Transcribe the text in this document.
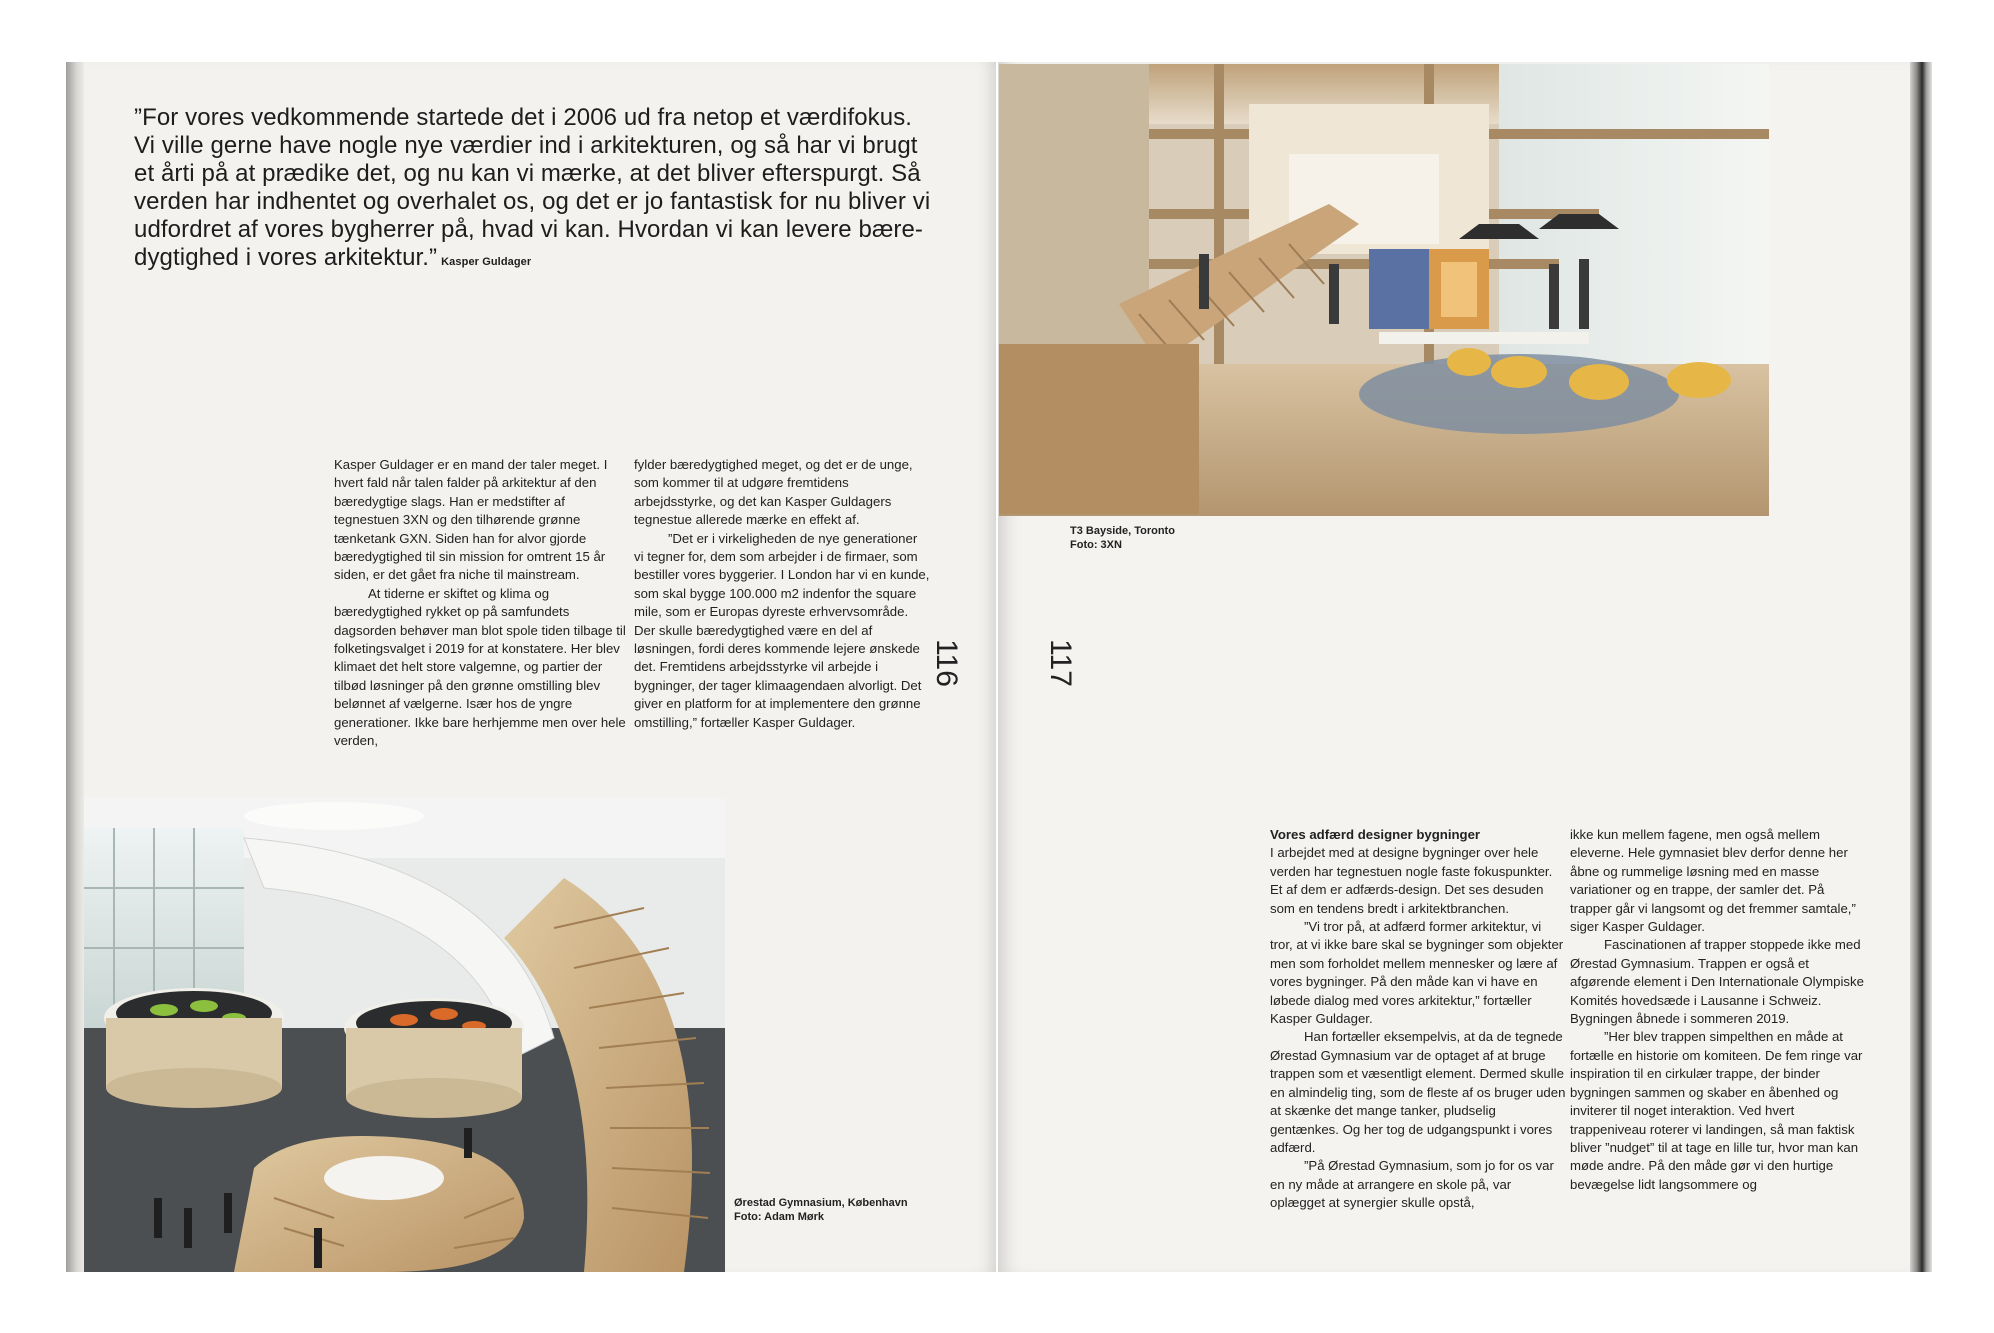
”For vores vedkommende startede det i 2006 ud fra netop et værdifokus. Vi ville gerne have nogle nye værdier ind i arkitekturen, og så har vi brugt et årti på at prædike det, og nu kan vi mærke, at det bliver efterspurgt. Så verden har indhentet og overhalet os, og det er jo fantastisk for nu bliver vi udfordret af vores bygherrer på, hvad vi kan. Hvordan vi kan levere bære-dygtighed i vores arkitektur.” Kasper Guldager

Kasper Guldager er en mand der taler meget. I hvert fald når talen falder på arkitektur af den bæredygtige slags. Han er medstifter af tegnestuen 3XN og den tilhørende grønne tænketank GXN. Siden han for alvor gjorde bæredygtighed til sin mission for omtrent 15 år siden, er det gået fra niche til mainstream.

At tiderne er skiftet og klima og bæredygtighed rykket op på samfundets dagsorden behøver man blot spole tiden tilbage til folketingsvalget i 2019 for at konstatere. Her blev klimaet det helt store valgemne, og partier der tilbød løsninger på den grønne omstilling blev belønnet af vælgerne. Især hos de yngre generationer. Ikke bare herhjemme men over hele verden,

fylder bæredygtighed meget, og det er de unge, som kommer til at udgøre fremtidens arbejdsstyrke, og det kan Kasper Guldagers tegnestue allerede mærke en effekt af.

”Det er i virkeligheden de nye generationer vi tegner for, dem som arbejder i de firmaer, som bestiller vores byggerier. I London har vi en kunde, som skal bygge 100.000 m2 indenfor the square mile, som er Europas dyreste erhvervsområde. Der skulle bæredygtighed være en del af løsningen, fordi deres kommende lejere ønskede det. Fremtidens arbejdsstyrke vil arbejde i bygninger, der tager klimaagendaen alvorligt. Det giver en platform for at implementere den grønne omstilling,” fortæller Kasper Guldager.

116	117
T3 Bayside, Toronto
Foto: 3XN
Ørestad Gymnasium, København
Foto: Adam Mørk
Vores adfærd designer bygninger

I arbejdet med at designe bygninger over hele verden har tegnestuen nogle faste fokuspunkter. Et af dem er adfærds-design. Det ses desuden som en tendens bredt i arkitektbranchen.

”Vi tror på, at adfærd former arkitektur, vi tror, at vi ikke bare skal se bygninger som objekter men som forholdet mellem mennesker og lære af vores bygninger. På den måde kan vi have en løbede dialog med vores arkitektur,” fortæller Kasper Guldager.

Han fortæller eksempelvis, at da de tegnede Ørestad Gymnasium var de optaget af at bruge trappen som et væsentligt element. Dermed skulle en almindelig ting, som de fleste af os bruger uden at skænke det mange tanker, pludselig gentænkes. Og her tog de udgangspunkt i vores adfærd.

”På Ørestad Gymnasium, som jo for os var en ny måde at arrangere en skole på, var oplægget at synergier skulle opstå,

ikke kun mellem fagene, men også mellem eleverne. Hele gymnasiet blev derfor denne her åbne og rummelige løsning med en masse variationer og en trappe, der samler det. På trapper går vi langsomt og det fremmer samtale,” siger Kasper Guldager.

Fascinationen af trapper stoppede ikke med Ørestad Gymnasium. Trappen er også et afgørende element i Den Internationale Olympiske Komités hovedsæde i Lausanne i Schweiz. Bygningen åbnede i sommeren 2019.

”Her blev trappen simpelthen en måde at fortælle en historie om komiteen. De fem ringe var inspiration til en cirkulær trappe, der binder bygningen sammen og skaber en åbenhed og inviterer til noget interaktion. Ved hvert trappeniveau roterer vi landingen, så man faktisk bliver ”nudget” til at tage en lille tur, hvor man kan møde andre. På den måde gør vi den hurtige bevægelse lidt langsommere og
